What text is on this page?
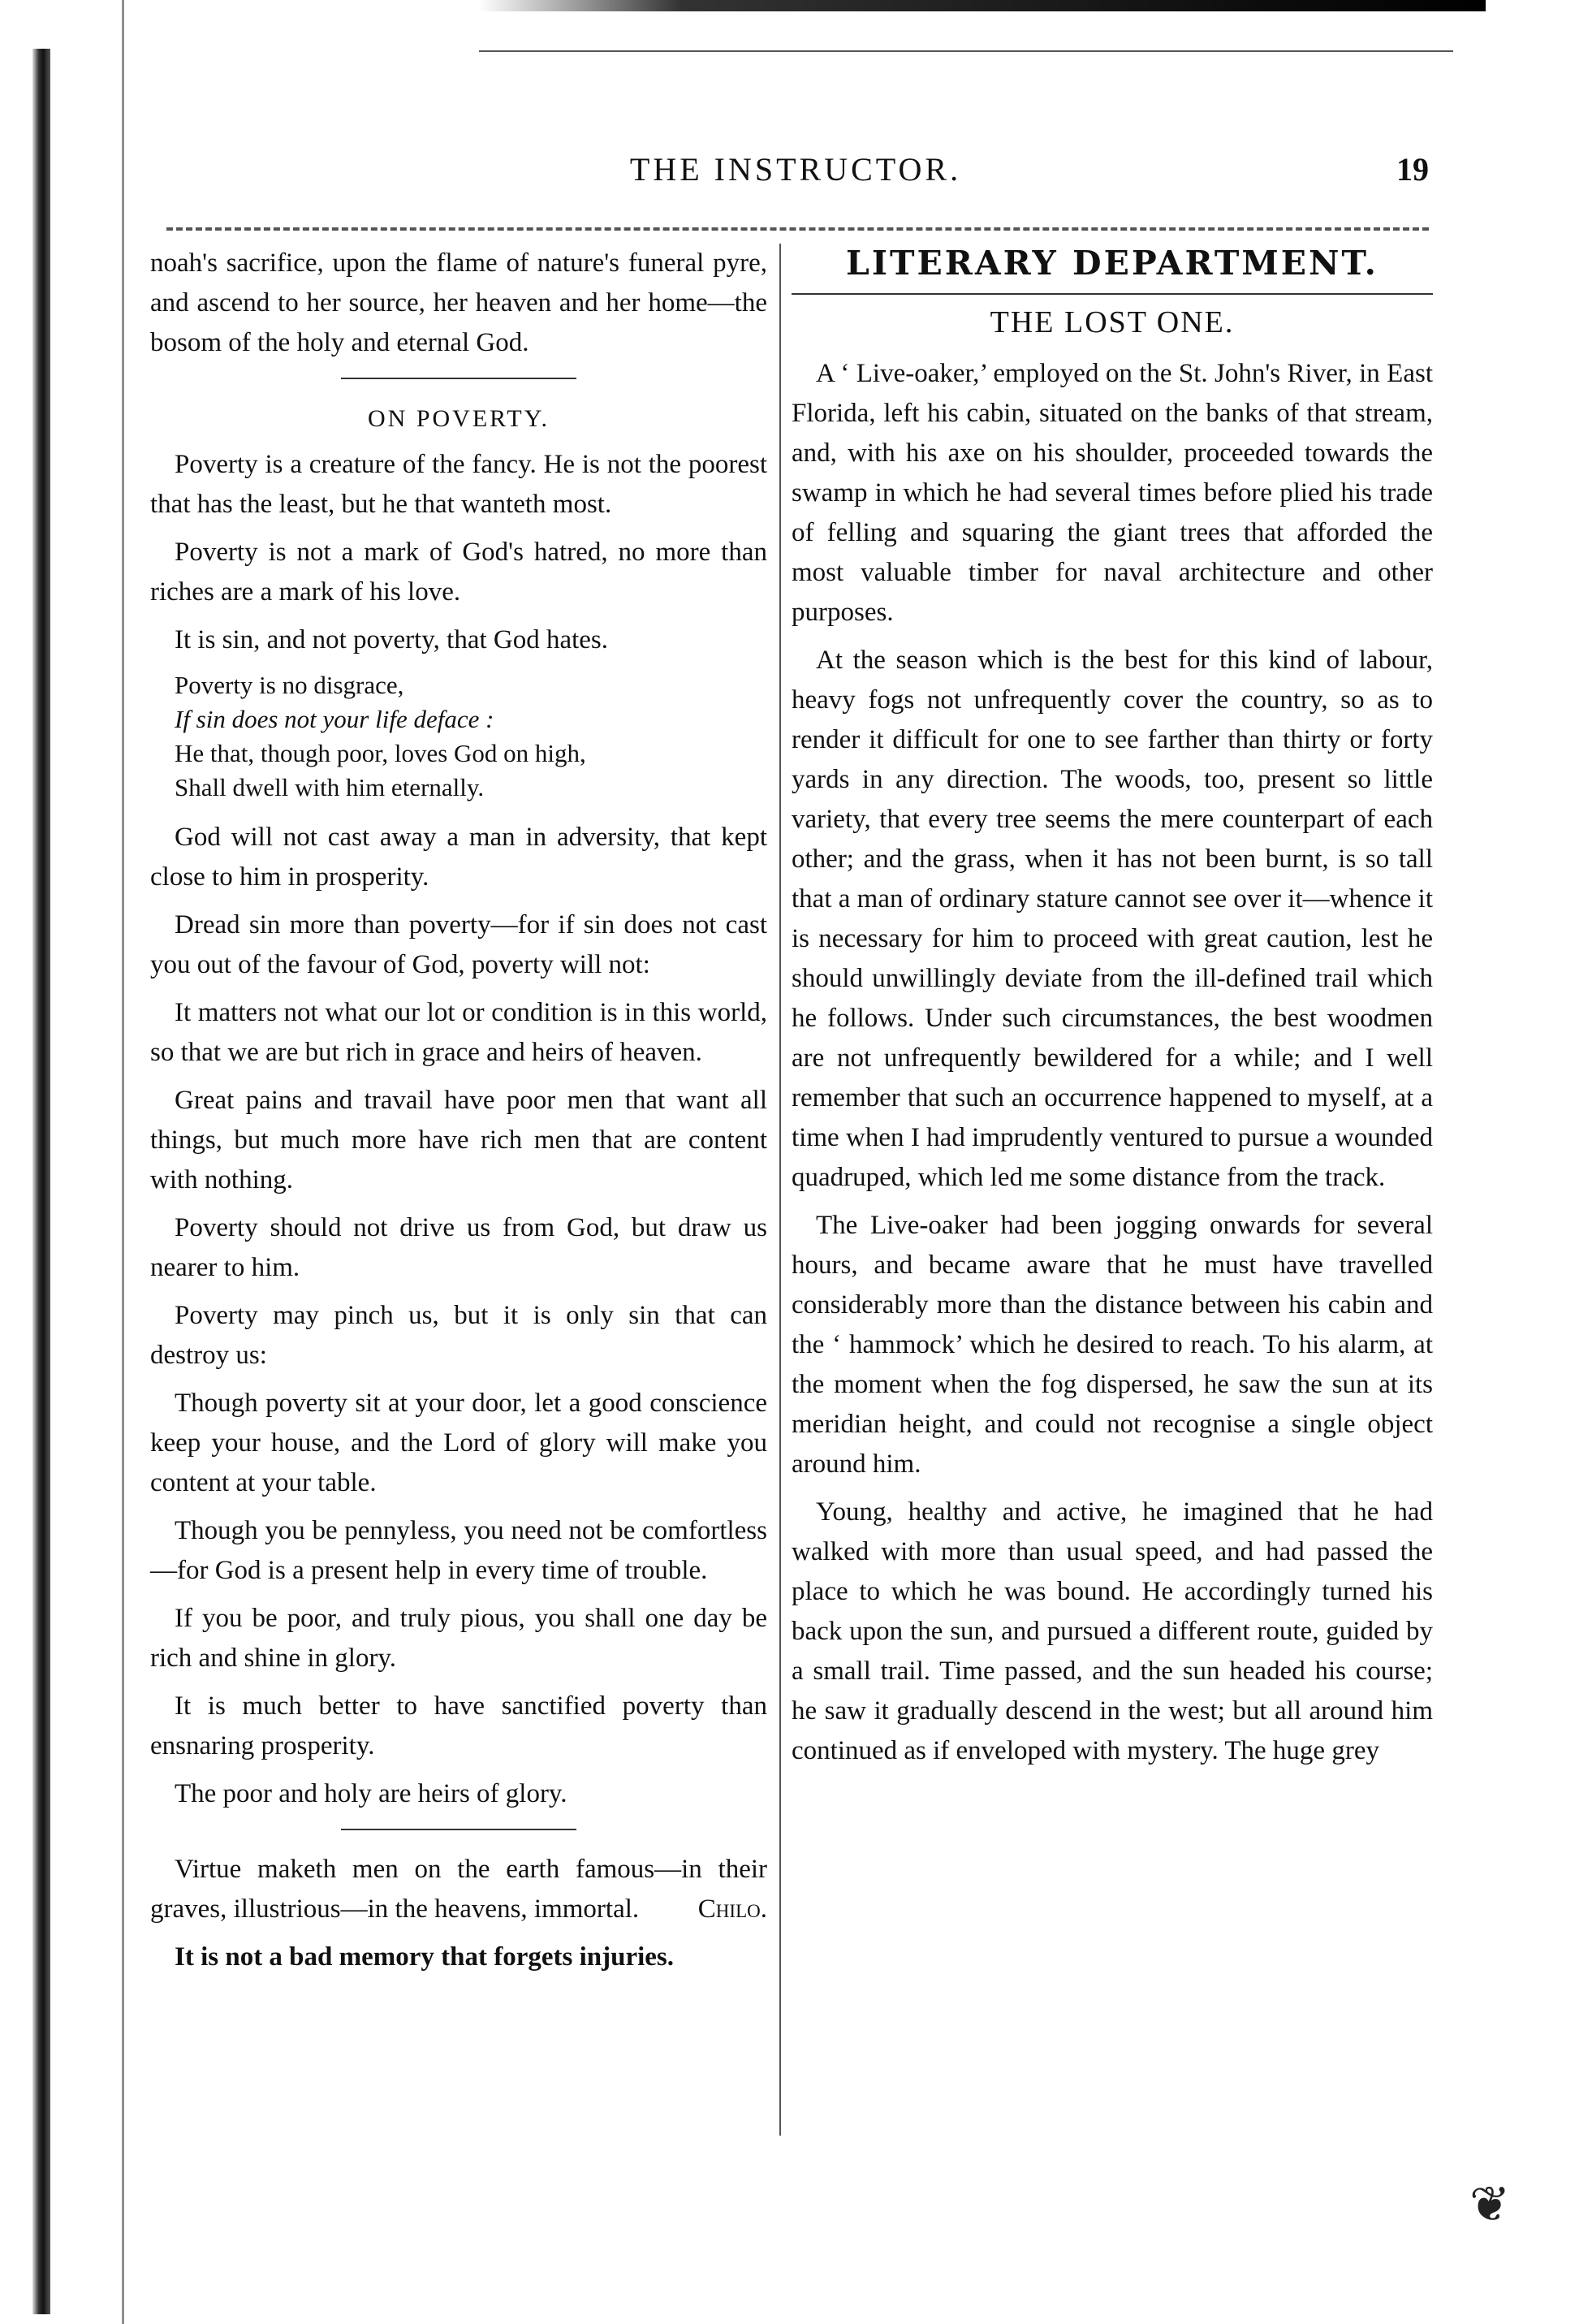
❦
THE INSTRUCTOR.	19

noah's sacrifice, upon the flame of nature's funeral pyre, and ascend to her source, her heaven and her home—the bosom of the holy and eternal God.

ON POVERTY.

Poverty is a creature of the fancy. He is not the poorest that has the least, but he that wanteth most.

Poverty is not a mark of God's hatred, no more than riches are a mark of his love.

It is sin, and not poverty, that God hates.

Poverty is no disgrace,
If sin does not your life deface :
He that, though poor, loves God on high,
Shall dwell with him eternally.

God will not cast away a man in adversity, that kept close to him in prosperity.

Dread sin more than poverty—for if sin does not cast you out of the favour of God, poverty will not:

It matters not what our lot or condition is in this world, so that we are but rich in grace and heirs of heaven.

Great pains and travail have poor men that want all things, but much more have rich men that are content with nothing.

Poverty should not drive us from God, but draw us nearer to him.

Poverty may pinch us, but it is only sin that can destroy us:

Though poverty sit at your door, let a good conscience keep your house, and the Lord of glory will make you content at your table.

Though you be pennyless, you need not be comfortless—for God is a present help in every time of trouble.

If you be poor, and truly pious, you shall one day be rich and shine in glory.

It is much better to have sanctified poverty than ensnaring prosperity.

The poor and holy are heirs of glory.

Virtue maketh men on the earth famous—in their graves, illustrious—in the heavens, immortal.	Chilo.

It is not a bad memory that forgets injuries.

LITERARY DEPARTMENT.
THE LOST ONE.

A ‘ Live-oaker,’ employed on the St. John's River, in East Florida, left his cabin, situated on the banks of that stream, and, with his axe on his shoulder, proceeded towards the swamp in which he had several times before plied his trade of felling and squaring the giant trees that afforded the most valuable timber for naval architecture and other purposes.

At the season which is the best for this kind of labour, heavy fogs not unfrequently cover the country, so as to render it difficult for one to see farther than thirty or forty yards in any direction. The woods, too, present so little variety, that every tree seems the mere counterpart of each other; and the grass, when it has not been burnt, is so tall that a man of ordinary stature cannot see over it—whence it is necessary for him to proceed with great caution, lest he should unwillingly deviate from the ill-defined trail which he follows. Under such circumstances, the best woodmen are not unfrequently bewildered for a while; and I well remember that such an occurrence happened to myself, at a time when I had imprudently ventured to pursue a wounded quadruped, which led me some distance from the track.

The Live-oaker had been jogging onwards for several hours, and became aware that he must have travelled considerably more than the distance between his cabin and the ‘ hammock’ which he desired to reach. To his alarm, at the moment when the fog dispersed, he saw the sun at its meridian height, and could not recognise a single object around him.

Young, healthy and active, he imagined that he had walked with more than usual speed, and had passed the place to which he was bound. He accordingly turned his back upon the sun, and pursued a different route, guided by a small trail. Time passed, and the sun headed his course; he saw it gradually descend in the west; but all around him continued as if enveloped with mystery. The huge grey
